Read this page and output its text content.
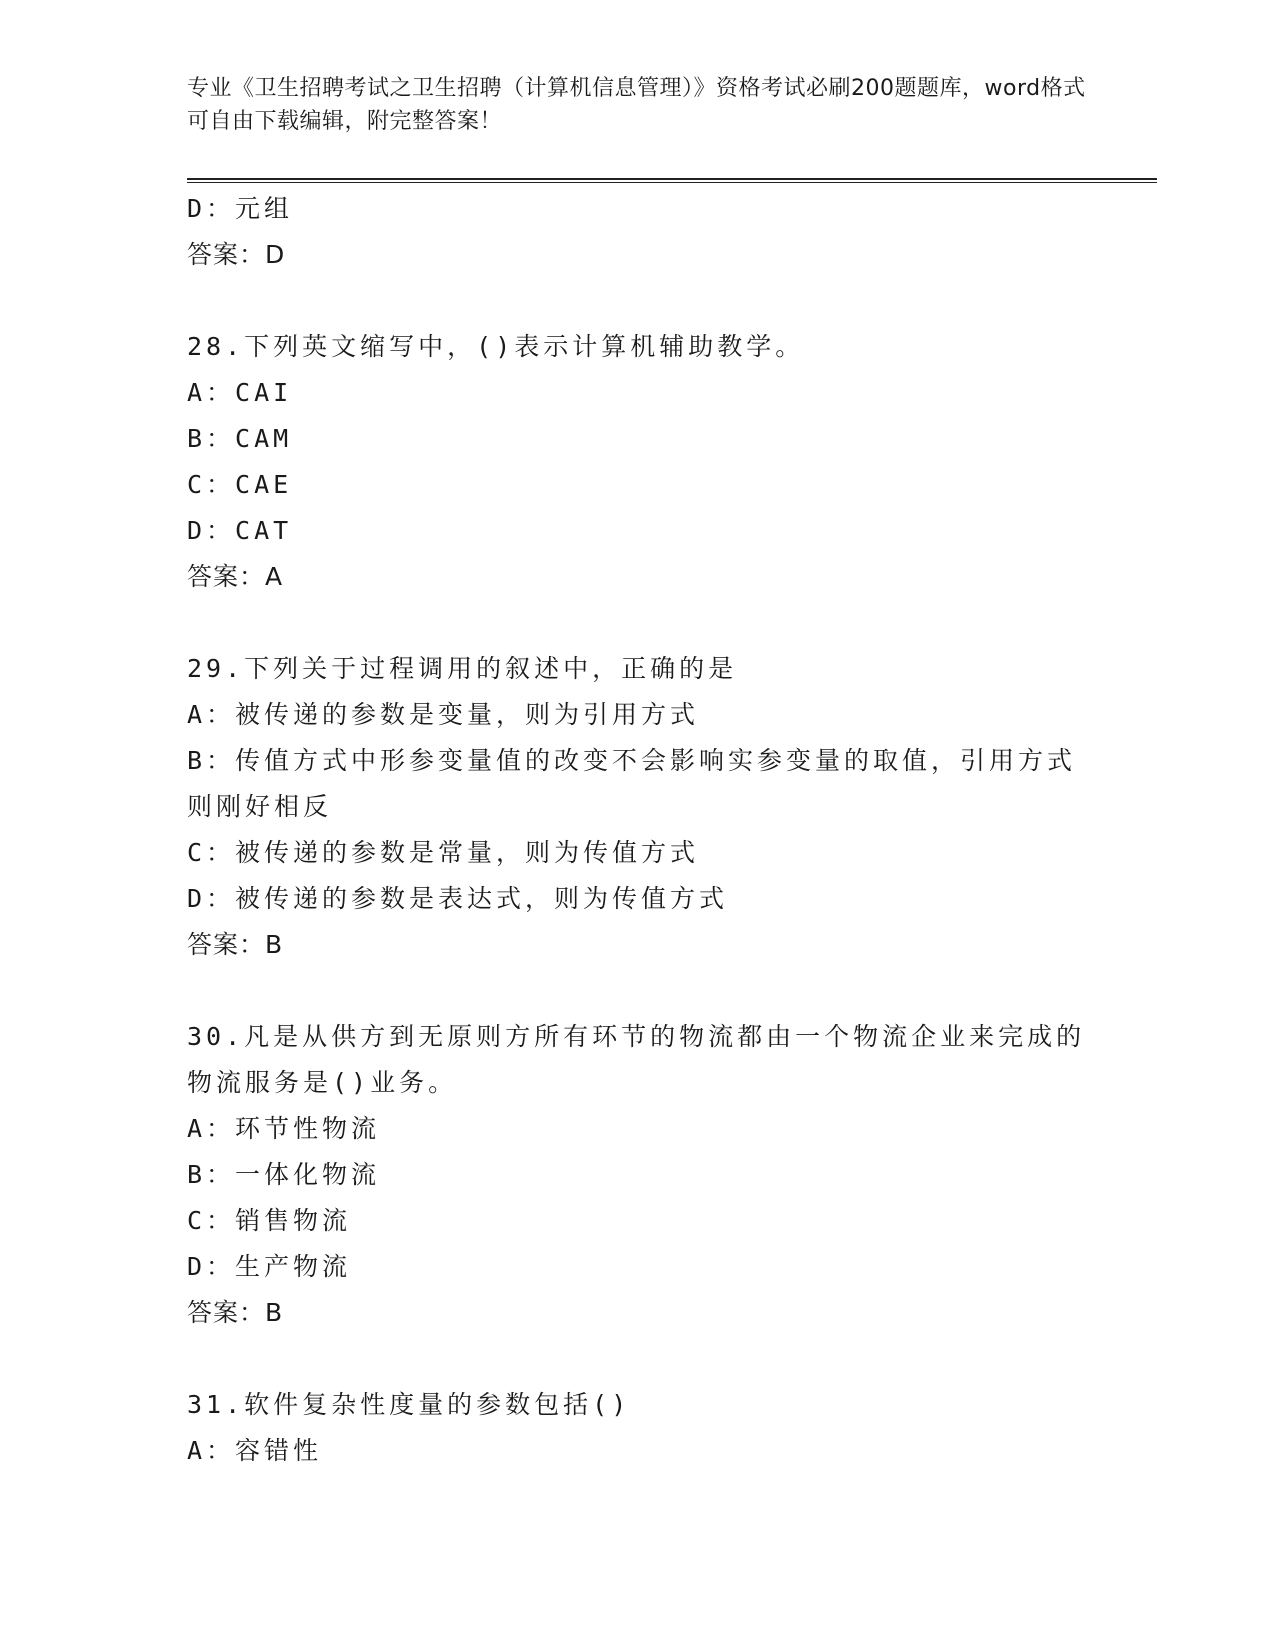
专业《卫生招聘考试之卫生招聘（计算机信息管理）》资格考试必刷200题题库，word格式可自由下载编辑，附完整答案！
D：元组
答案：D
28.下列英文缩写中，()表示计算机辅助教学。
A：CAI
B：CAM
C：CAE
D：CAT
答案：A
29.下列关于过程调用的叙述中，正确的是
A：被传递的参数是变量，则为引用方式
B：传值方式中形参变量值的改变不会影响实参变量的取值，引用方式则刚好相反
C：被传递的参数是常量，则为传值方式
D：被传递的参数是表达式，则为传值方式
答案：B
30.凡是从供方到无原则方所有环节的物流都由一个物流企业来完成的物流服务是()业务。
A：环节性物流
B：一体化物流
C：销售物流
D：生产物流
答案：B
31.软件复杂性度量的参数包括()
A：容错性
